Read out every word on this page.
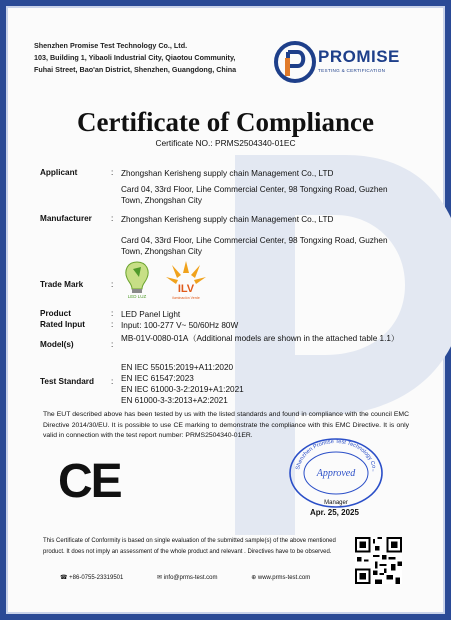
Shenzhen Promise Test Technology Co., Ltd.
103, Building 1, Yibaoli Industrial City, Qiaotou Community,
Fuhai Street, Bao'an District, Shenzhen, Guangdong, China
PROMISE
TESTING & CERTIFICATION
Certificate of Compliance
Certificate NO.: PRMS2504340-01EC
Applicant	: Zhongshan Kerisheng supply chain Management Co., LTD
Card 04, 33rd Floor, Lihe Commercial Center, 98 Tongxing Road, Guzhen Town, Zhongshan City
Manufacturer : Zhongshan Kerisheng supply chain Management Co., LTD
Card 04, 33rd Floor, Lihe Commercial Center, 98 Tongxing Road, Guzhen Town, Zhongshan City
Trade Mark	:
LED LUZ
ILV
iluminación Verde
Product	: LED Panel Light
Rated Input	: Input: 100-277 V~ 50/60Hz 80W
Model(s)	:
MB-01V-0080-01A（Additional models are shown in the attached table 1.1）
Test Standard :
EN IEC 55015:2019+A11:2020
EN IEC 61547:2023
EN IEC 61000-3-2:2019+A1:2021
EN 61000-3-3:2013+A2:2021
The EUT described above has been tested by us with the listed standards and found in compliance with the council EMC Directive 2014/30/EU. It is possible to use CE marking to demonstrate the compliance with this EMC Directive. It is only valid in connection with the test report number: PRMS2504340-01ER.
CE	Shenzhen Promise Test Technology Co.,
Approved
Manager
Apr. 25, 2025
This Certificate of Conformity is based on single evaluation of the submitted sample(s) of the above mentioned product. It does not imply an assessment of the whole product and relevant . Directives have to be observed.
☎ +86-0755-23319501	✉ info@prms-test.com	⊕ www.prms-test.com
